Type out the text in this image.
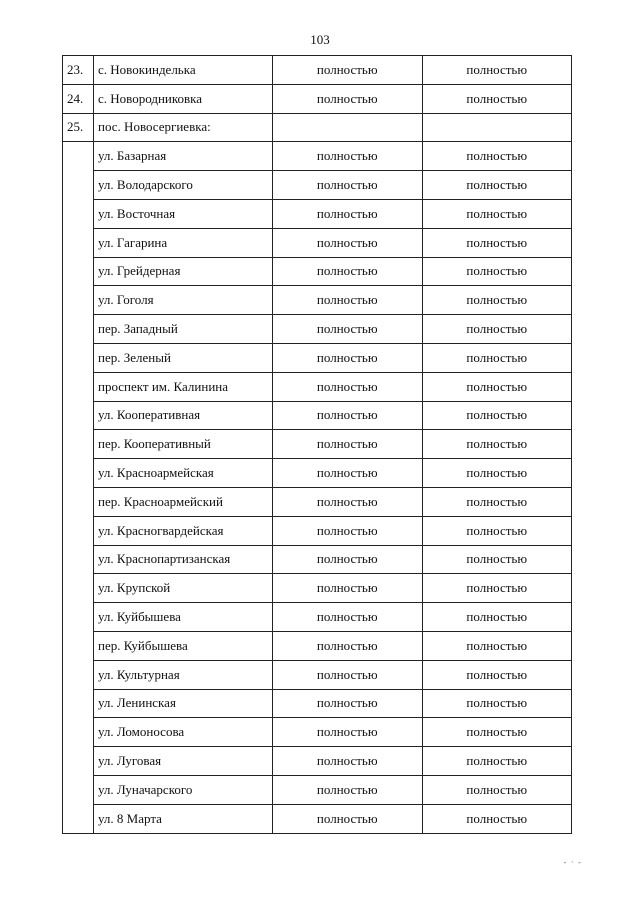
103
23.	с. Новокинделька	полностью	полностью
24.	с. Новородниковка	полностью	полностью
25.	пос. Новосергиевка:		
	ул. Базарная	полностью	полностью
	ул. Володарского	полностью	полностью
	ул. Восточная	полностью	полностью
	ул. Гагарина	полностью	полностью
	ул. Грейдерная	полностью	полностью
	ул. Гоголя	полностью	полностью
	пер. Западный	полностью	полностью
	пер. Зеленый	полностью	полностью
	проспект им. Калинина	полностью	полностью
	ул. Кооперативная	полностью	полностью
	пер. Кооперативный	полностью	полностью
	ул. Красноармейская	полностью	полностью
	пер. Красноармейский	полностью	полностью
	ул. Красногвардейская	полностью	полностью
	ул. Краснопартизанская	полностью	полностью
	ул. Крупской	полностью	полностью
	ул. Куйбышева	полностью	полностью
	пер. Куйбышева	полностью	полностью
	ул. Культурная	полностью	полностью
	ул. Ленинская	полностью	полностью
	ул. Ломоносова	полностью	полностью
	ул. Луговая	полностью	полностью
	ул. Луначарского	полностью	полностью
	ул. 8 Марта	полностью	полностью
- · -
